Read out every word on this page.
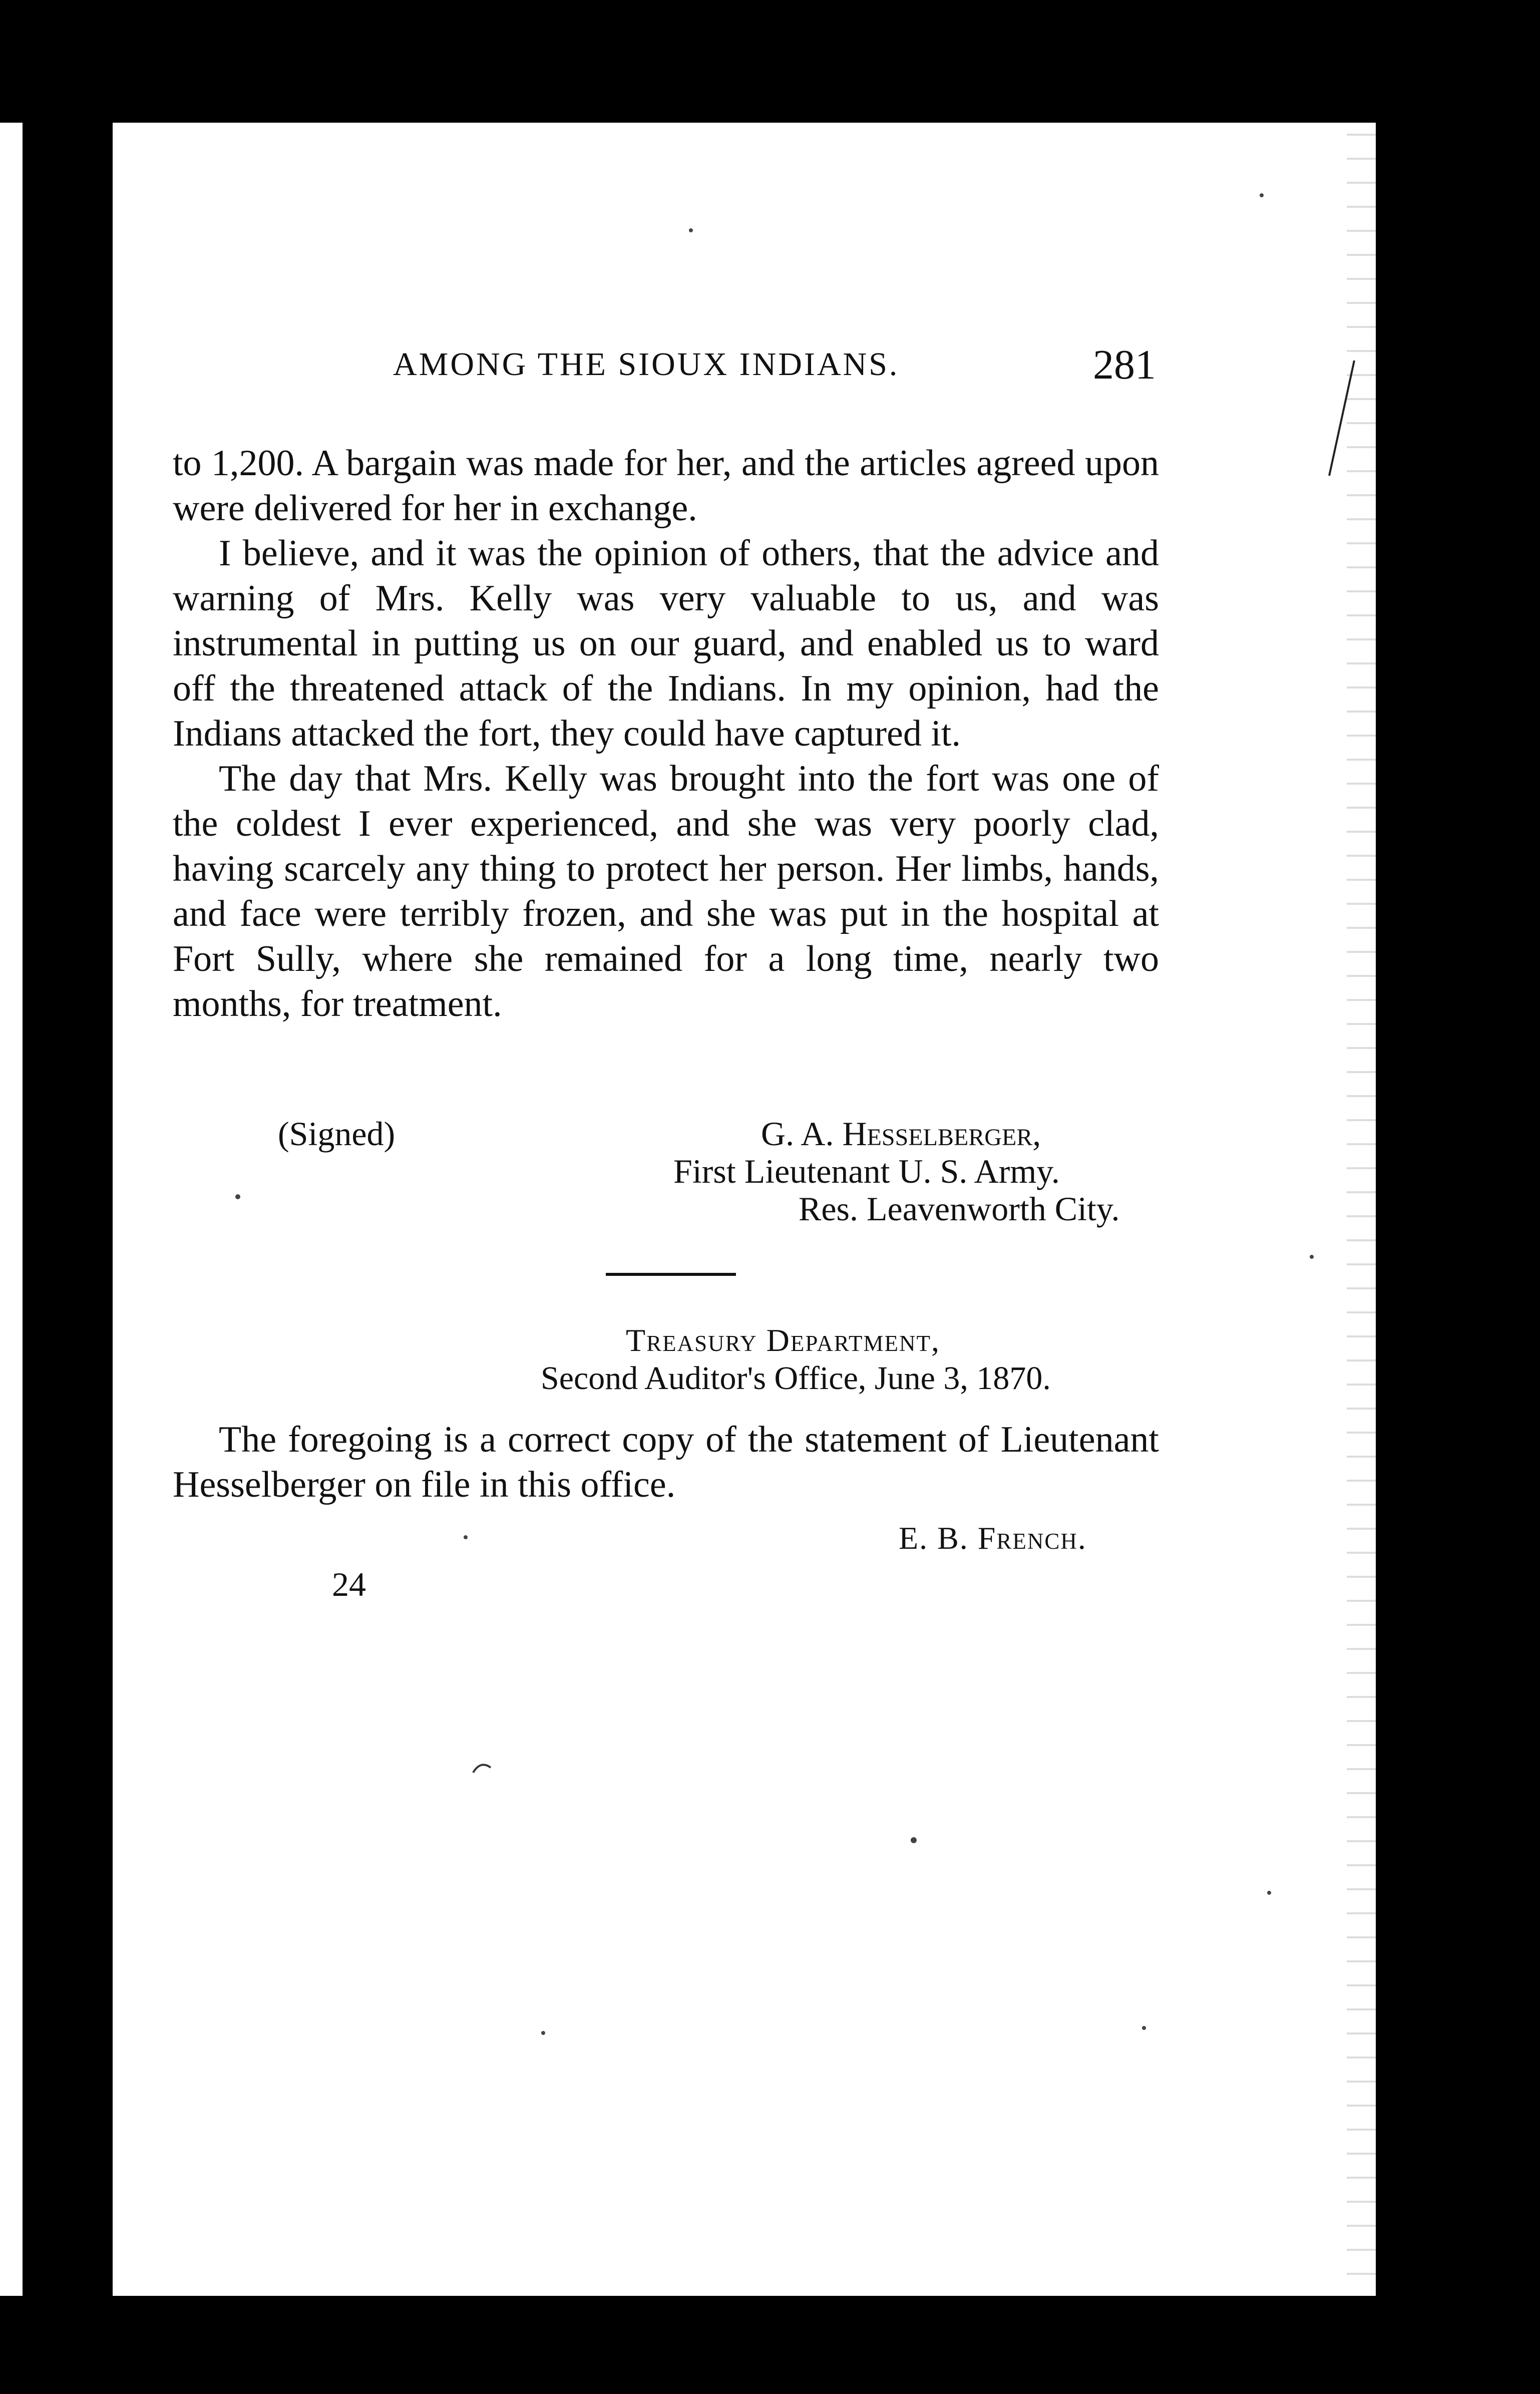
AMONG THE SIOUX INDIANS.	281

to 1,200. A bargain was made for her, and the articles agreed upon were delivered for her in exchange.

I believe, and it was the opinion of others, that the advice and warning of Mrs. Kelly was very valuable to us, and was instrumental in putting us on our guard, and enabled us to ward off the threatened attack of the Indians. In my opinion, had the Indians attacked the fort, they could have captured it.

The day that Mrs. Kelly was brought into the fort was one of the coldest I ever experienced, and she was very poorly clad, having scarcely any thing to protect her person. Her limbs, hands, and face were terribly frozen, and she was put in the hospital at Fort Sully, where she remained for a long time, nearly two months, for treatment.

(Signed)	G. A. Hesselberger,
First Lieutenant U. S. Army.
Res. Leavenworth City.
Treasury Department,
Second Auditor's Office, June 3, 1870.
The foregoing is a correct copy of the statement of Lieutenant Hesselberger on file in this office.
E. B. French.
24
